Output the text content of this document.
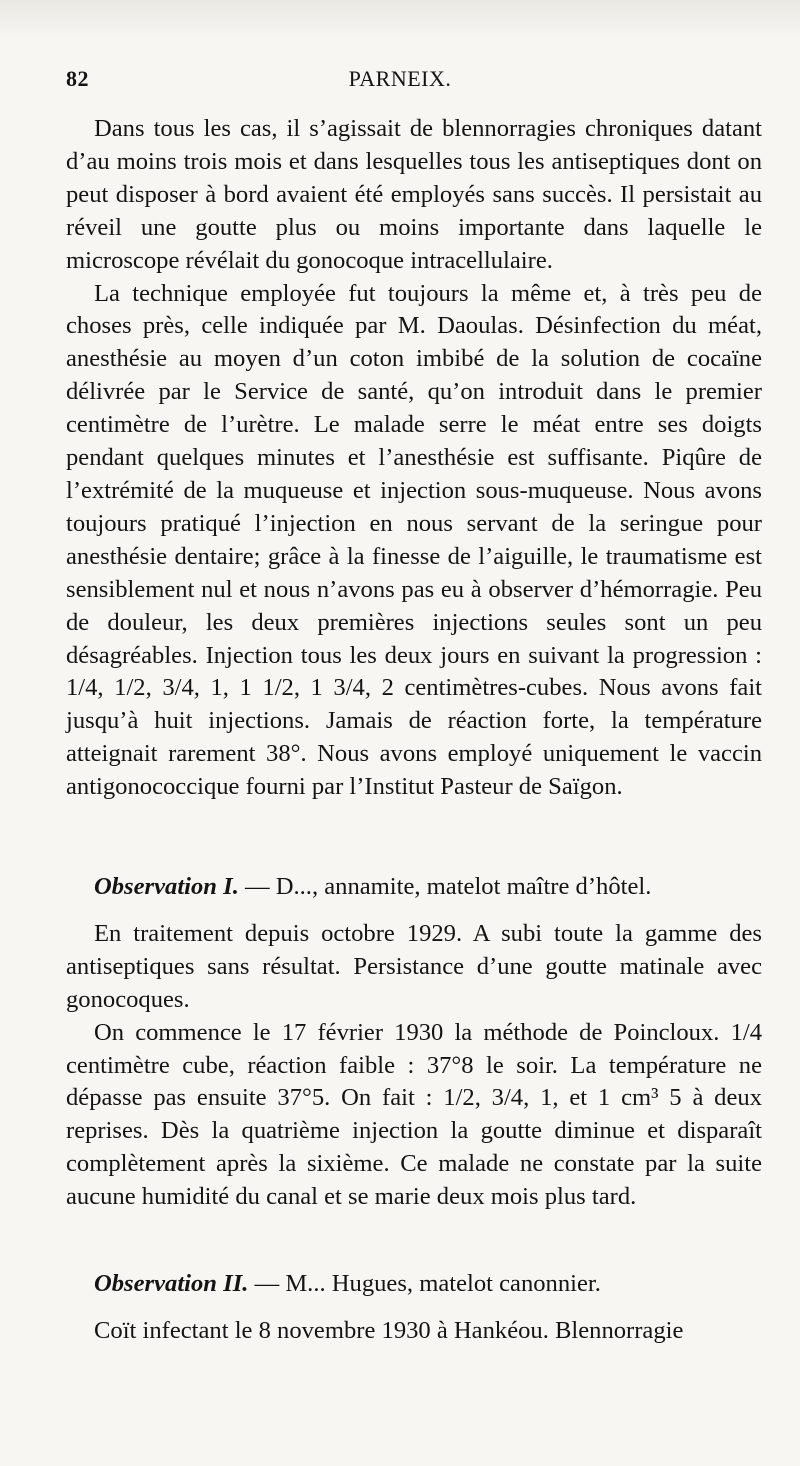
82	PARNEIX.

Dans tous les cas, il s’agissait de blennorragies chroniques datant d’au moins trois mois et dans lesquelles tous les antiseptiques dont on peut disposer à bord avaient été employés sans succès. Il persistait au réveil une goutte plus ou moins importante dans laquelle le microscope révélait du gonocoque intracellulaire.

La technique employée fut toujours la même et, à très peu de choses près, celle indiquée par M. Daoulas. Désinfection du méat, anesthésie au moyen d’un coton imbibé de la solution de cocaïne délivrée par le Service de santé, qu’on introduit dans le premier centimètre de l’urètre. Le malade serre le méat entre ses doigts pendant quelques minutes et l’anesthésie est suffisante. Piqûre de l’extrémité de la muqueuse et injection sous-muqueuse. Nous avons toujours pratiqué l’injection en nous servant de la seringue pour anesthésie dentaire; grâce à la finesse de l’aiguille, le traumatisme est sensiblement nul et nous n’avons pas eu à observer d’hémorragie. Peu de douleur, les deux premières injections seules sont un peu désagréables. Injection tous les deux jours en suivant la progression : 1/4, 1/2, 3/4, 1, 1 1/2, 1 3/4, 2 centimètres-cubes. Nous avons fait jusqu’à huit injections. Jamais de réaction forte, la température atteignait rarement 38°. Nous avons employé uniquement le vaccin antigonococcique fourni par l’Institut Pasteur de Saïgon.

Observation I. — D..., annamite, matelot maître d’hôtel.

En traitement depuis octobre 1929. A subi toute la gamme des antiseptiques sans résultat. Persistance d’une goutte matinale avec gonocoques.

On commence le 17 février 1930 la méthode de Poincloux. 1/4 centimètre cube, réaction faible : 37°8 le soir. La température ne dépasse pas ensuite 37°5. On fait : 1/2, 3/4, 1, et 1 cm³ 5 à deux reprises. Dès la quatrième injection la goutte diminue et disparaît complètement après la sixième. Ce malade ne constate par la suite aucune humidité du canal et se marie deux mois plus tard.

Observation II. — M... Hugues, matelot canonnier.

Coït infectant le 8 novembre 1930 à Hankéou. Blennorragie
